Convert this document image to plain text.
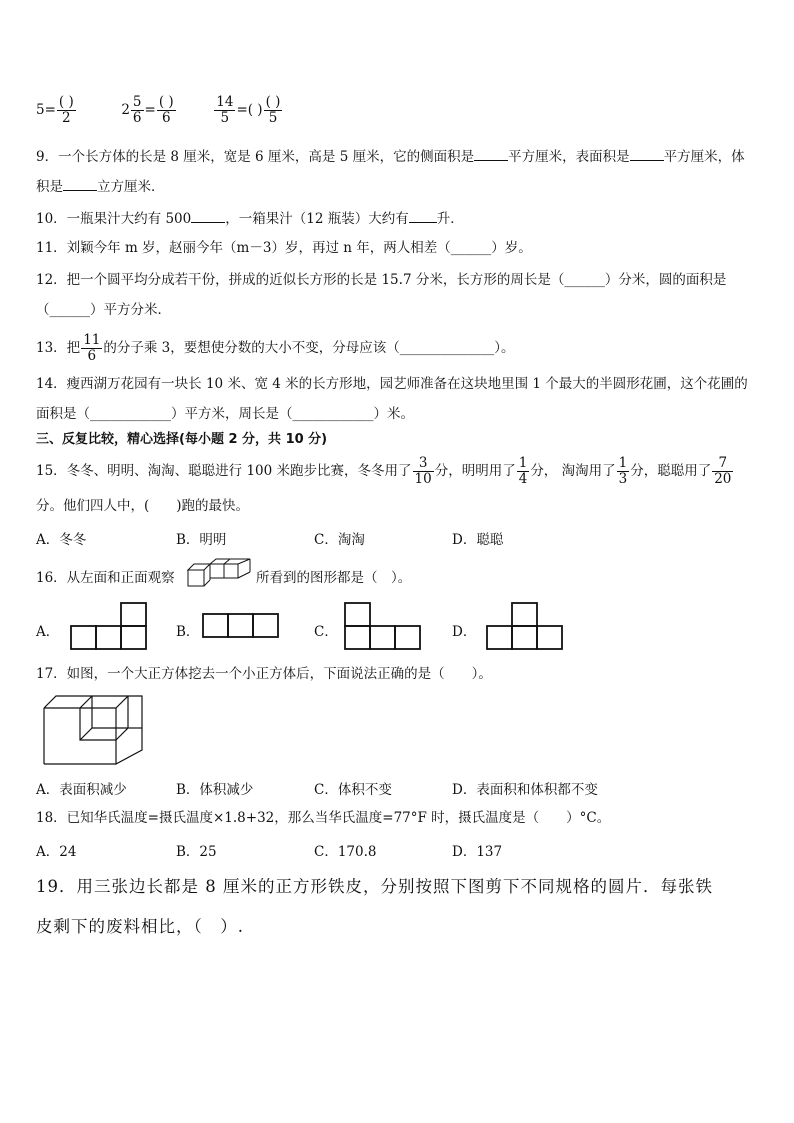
$5= \frac{( )}{2}$	$2 \frac{5}{6} = \frac{( )}{6}$
	$\frac{14}{5}$ =( ) $\frac{( )}{5}$
9．一个长方体的长是 8 厘米，宽是 6 厘米，高是 5 厘米，它的侧面积是	平方厘米，表面积是	平方厘米，体
积是	立方厘米．
10．一瓶果汁大约有 500	，一箱果汁（12 瓶装）大约有 升．
11．刘颖今年 m 岁，赵丽今年（m－3）岁，再过 n 年，两人相差（______）岁。
12．把一个圆平均分成若干份，拼成的近似长方形的长是 15.7 分米，长方形的周长是（______）分米，圆的面积是
（______）平方分米．
13．把 $\frac{11}{6}$ 的分子乘 3，要想使分数的大小不变，分母应该（______________）。
14．瘦西湖万花园有一块长 10 米、宽 4 米的长方形地，园艺师准备在这块地里围 1 个最大的半圆形花圃，这个花圃的
面积是（____________）平方米，周长是（____________）米。
三、反复比较，精心选择(每小题 2 分，共 10 分)
15．冬冬、明明、淘淘、聪聪进行 100 米跑步比赛，冬冬用了 $\frac{3}{10}$ 分，明明用了 $\frac{1}{4}$ 分， 淘淘用了 $\frac{1}{3}$ 分，聪聪用了 $\frac{7}{20}$
分。他们四人中，(　　)跑的最快。
A．冬冬	B．明明	C．淘淘	D．聪聪
16．从左面和正面观察	所看到的图形都是（　）。
A．	B．	C．	D．
17．如图，一个大正方体挖去一个小正方体后，下面说法正确的是（　　）。
A．表面积减少	B．体积减少	C．体积不变	D．表面积和体积都不变
18．已知华氏温度=摄氏温度×1.8+32，那么当华氏温度=77°F 时，摄氏温度是（　　）°C。
A．24	B．25	C．170.8	D．137
19．用三张边长都是 8 厘米的正方形铁皮，分别按照下图剪下不同规格的圆片．每张铁
皮剩下的废料相比，（　）.
